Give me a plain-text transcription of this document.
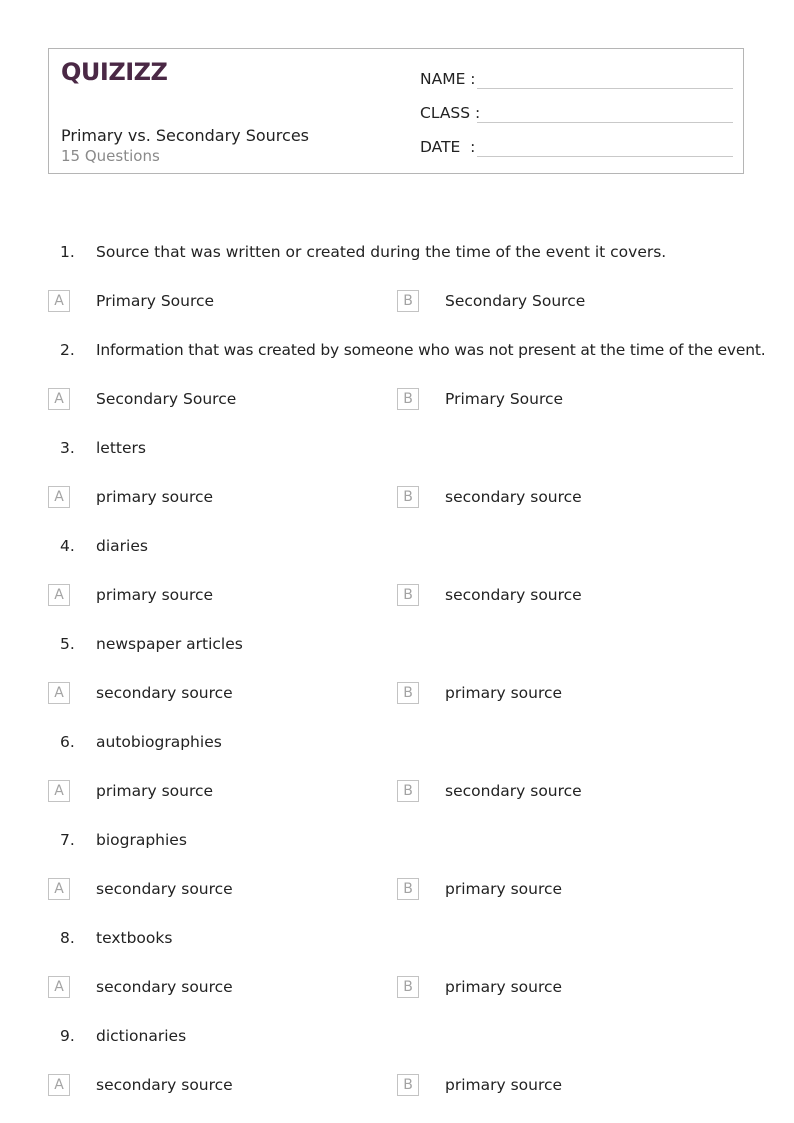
QUIZIZZ
Primary vs. Secondary Sources
15 Questions
NAME :
CLASS :
DATE  :
1. Source that was written or created during the time of the event it covers.
A	Primary Source	B	Secondary Source
2. Information that was created by someone who was not present at the time of the event.
A	Secondary Source	B	Primary Source
3. letters
A	primary source	B	secondary source
4. diaries
A	primary source	B	secondary source
5. newspaper articles
A	secondary source	B	primary source
6. autobiographies
A	primary source	B	secondary source
7. biographies
A	secondary source	B	primary source
8. textbooks
A	secondary source	B	primary source
9. dictionaries
A	secondary source	B	primary source
